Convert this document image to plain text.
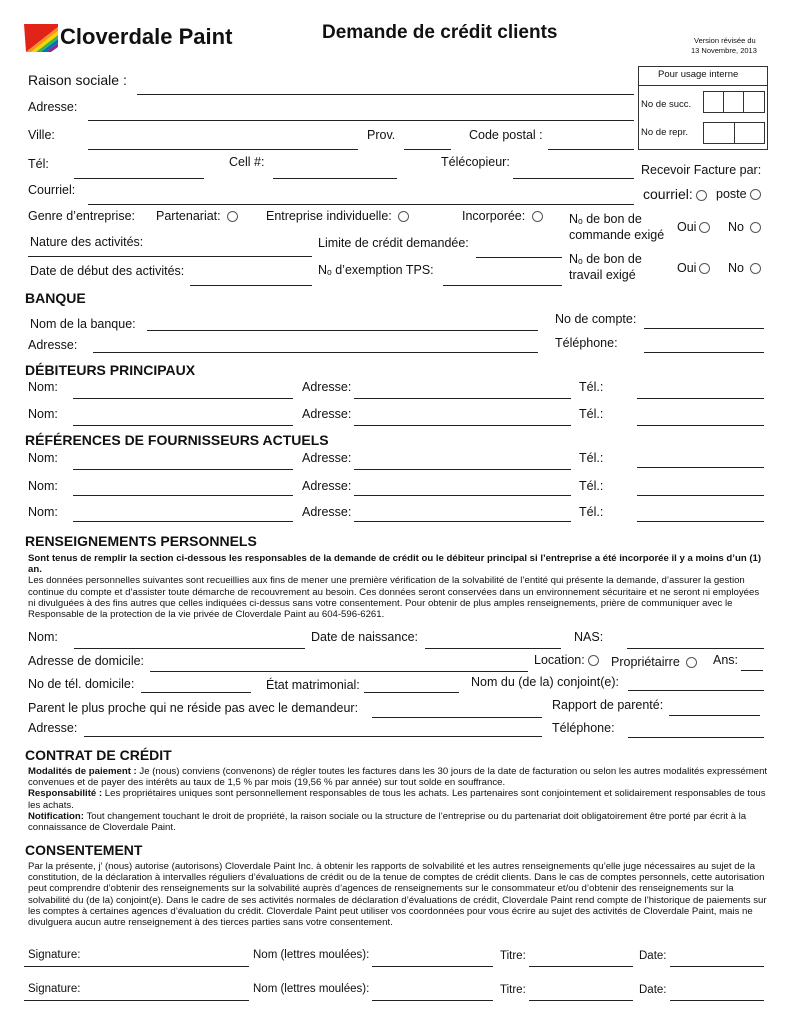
Cloverdale Paint	Demande de crédit clients	Version révisée du
13 Novembre, 2013
Pour usage interne
No de succ.
No de repr.
Raison sociale :
Adresse:
Ville:	Prov.	Code postal :
Tél:	Cell #:	Télécopieur:
Recevoir Facture par:
Courriel:	courriel:	poste
Genre d’entreprise: Partenariat:	Entreprise individuelle:	Incorporée:	Nₒ de bon de
commande exigé
Oui	No
Nature des activités:	Limite de crédit demandée:
Nₒ de bon de
travail exigé	Oui	No
Date de début des activités:	Nₒ d’exemption TPS:
BANQUE
Nom de la banque:	No de compte:
Adresse:	Téléphone:
DÉBITEURS PRINCIPAUX
Nom:	Adresse:	Tél.:
Nom:	Adresse:	Tél.:
RÉFÉRENCES DE FOURNISSEURS ACTUELS
Nom:	Adresse:	Tél.:
Nom:	Adresse:	Tél.:
Nom:	Adresse:	Tél.:
RENSEIGNEMENTS PERSONNELS
Sont tenus de remplir la section ci-dessous les responsables de la demande de crédit ou le débiteur principal si l’entreprise a été incorporée il y a moins d’un (1) an.
Les données personnelles suivantes sont recueillies aux fins de mener une première vérification de la solvabilité de l’entité qui présente la demande, d’assurer la gestion continue du compte et d’assister toute démarche de recouvrement au besoin. Ces données seront conservées dans un environnement sécuritaire et ne seront ni employées ni divulguées à des fins autres que celles indiquées ci-dessus sans votre consentement. Pour obtenir de plus amples renseignements, prière de communiquer avec le Responsable de la protection de la vie privée de Cloverdale Paint au 604-596-6261.
Nom:	Date de naissance:	NAS:
Adresse de domicile:	Location:	Propriétairre	Ans:
No de tél. domicile:	État matrimonial:	Nom du (de la) conjoint(e):
Parent le plus proche qui ne réside pas avec le demandeur:	Rapport de parenté:
Adresse:	Téléphone:
CONTRAT DE CRÉDIT
Modalités de paiement : Je (nous) conviens (convenons) de régler toutes les factures dans les 30 jours de la date de facturation ou selon les autres modalités expressément convenues et de payer des intérêts au taux de 1,5 % par mois (19,56 % par année) sur tout solde en souffrance.
Responsabilité : Les propriétaires uniques sont personnellement responsables de tous les achats. Les partenaires sont conjointement et solidairement responsables de tous les achats.
Notification: Tout changement touchant le droit de propriété, la raison sociale ou la structure de l’entreprise ou du partenariat doit obligatoirement être porté par écrit à la connaissance de Cloverdale Paint.
CONSENTEMENT
Par la présente, j’ (nous) autorise (autorisons) Cloverdale Paint Inc. à obtenir les rapports de solvabilité et les autres renseignements qu’elle juge nécessaires au sujet de la constitution, de la déclaration à intervalles réguliers d’évaluations de crédit ou de la tenue de comptes de crédit clients. Dans le cas de comptes personnels, cette autorisation peut comprendre d’obtenir des renseignements sur la solvabilité auprès d’agences de renseignements sur le consommateur et/ou d’obtenir des renseignements sur la solvabilité du (de la) conjoint(e). Dans le cadre de ses activités normales de déclaration d’évaluations de crédit, Cloverdale Paint rend compte de l’historique de paiements sur les comptes à certaines agences d’évaluation du crédit. Cloverdale Paint peut utiliser vos coordonnées pour vous écrire au sujet des activités de Cloverdale Paint, mais ne divulguera aucun autre renseignement à des tierces parties sans votre consentement.
Signature:	Nom (lettres moulées):	Titre:	Date:
Signature:	Nom (lettres moulées):	Titre:	Date:
